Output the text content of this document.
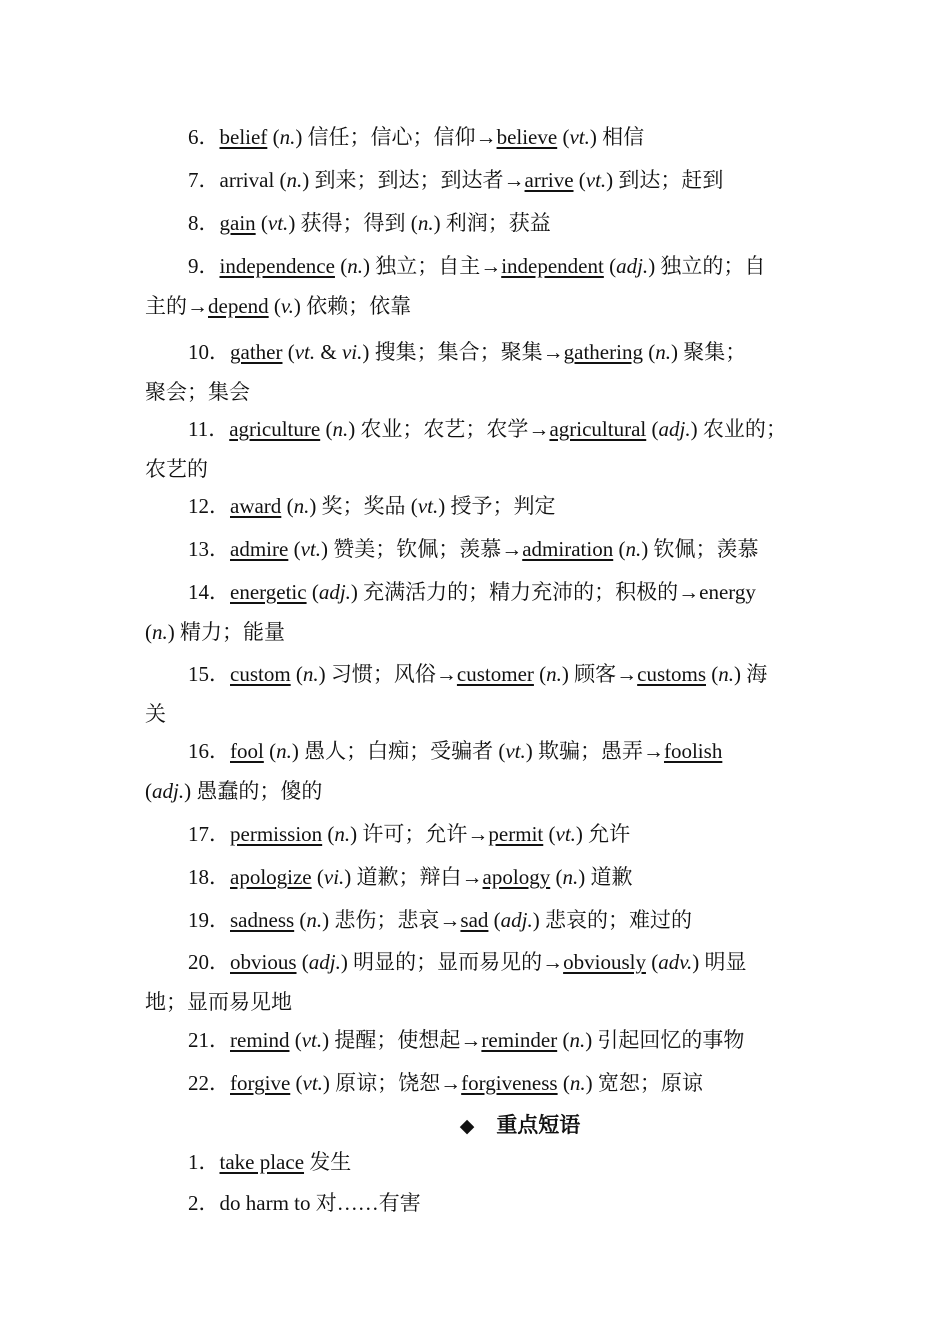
6．belief (n.) 信任；信心；信仰→believe (vt.) 相信
7．arrival (n.) 到来；到达；到达者→arrive (vt.) 到达；赶到
8．gain (vt.) 获得；得到 (n.) 利润；获益
9．independence (n.) 独立；自主→independent (adj.) 独立的；自
主的→depend (v.) 依赖；依靠
10．gather (vt. & vi.) 搜集；集合；聚集→gathering (n.) 聚集；
聚会；集会
11．agriculture (n.) 农业；农艺；农学→agricultural (adj.) 农业的；
农艺的
12．award (n.) 奖；奖品 (vt.) 授予；判定
13．admire (vt.) 赞美；钦佩；羡慕→admiration (n.) 钦佩；羡慕
14．energetic (adj.) 充满活力的；精力充沛的；积极的→energy
(n.) 精力；能量
15．custom (n.) 习惯；风俗→customer (n.) 顾客→customs (n.) 海
关
16．fool (n.) 愚人；白痴；受骗者 (vt.) 欺骗；愚弄→foolish
(adj.) 愚蠢的；傻的
17．permission (n.) 许可；允许→permit (vt.) 允许
18．apologize (vi.) 道歉；辩白→apology (n.) 道歉
19．sadness (n.) 悲伤；悲哀→sad (adj.) 悲哀的；难过的
20．obvious (adj.) 明显的；显而易见的→obviously (adv.) 明显
地；显而易见地
21．remind (vt.) 提醒；使想起→reminder (n.) 引起回忆的事物
22．forgive (vt.) 原谅；饶恕→forgiveness (n.) 宽恕；原谅
◆ 重点短语
1．take place 发生
2．do harm to 对……有害
